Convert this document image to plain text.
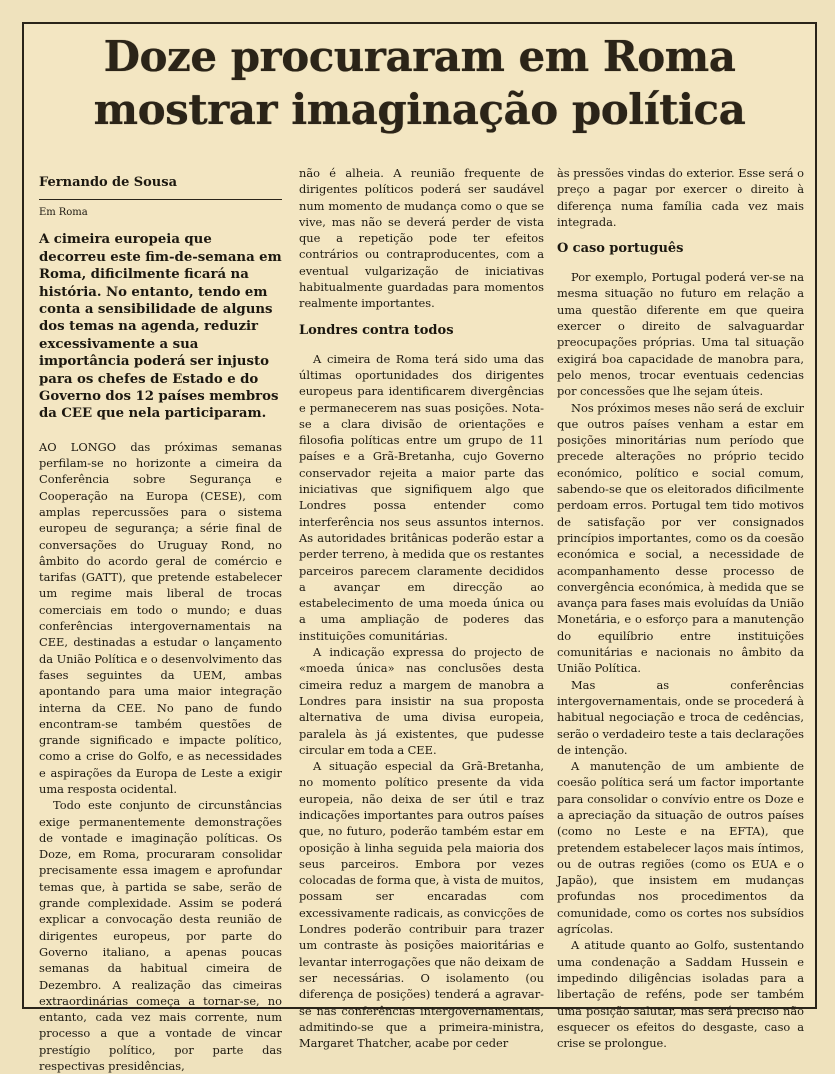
Doze procuraram em Roma mostrar imaginação política
Fernando de Sousa
Em Roma
A cimeira europeia que decorreu este fim-de-semana em Roma, dificilmente ficará na história. No entanto, tendo em conta a sensibilidade de alguns dos temas na agenda, reduzir excessivamente a sua importância poderá ser injusto para os chefes de Estado e do Governo dos 12 países membros da CEE que nela participaram.

AO LONGO das próximas semanas perfilam-se no horizonte a cimeira da Conferência sobre Segurança e Cooperação na Europa (CESE), com amplas repercussões para o sistema europeu de segurança; a série final de conversações do Uruguay Rond, no âmbito do acordo geral de comércio e tarifas (GATT), que pretende estabelecer um regime mais liberal de trocas comerciais em todo o mundo; e duas conferências intergovernamentais na CEE, destinadas a estudar o lançamento da União Política e o desenvolvimento das fases seguintes da UEM, ambas apontando para uma maior integração interna da CEE. No pano de fundo encontram-se também questões de grande significado e impacte político, como a crise do Golfo, e as necessidades e aspirações da Europa de Leste a exigir uma resposta ocidental.

Todo este conjunto de circunstâncias exige permanentemente demonstrações de vontade e imaginação políticas. Os Doze, em Roma, procuraram consolidar precisamente essa imagem e aprofundar temas que, à partida se sabe, serão de grande complexidade. Assim se poderá explicar a convocação desta reunião de dirigentes europeus, por parte do Governo italiano, a apenas poucas semanas da habitual cimeira de Dezembro. A realização das cimeiras extraordinárias começa a tornar-se, no entanto, cada vez mais corrente, num processo a que a vontade de vincar prestígio político, por parte das respectivas presidências,

não é alheia. A reunião frequente de dirigentes políticos poderá ser saudável num momento de mudança como o que se vive, mas não se deverá perder de vista que a repetição pode ter efeitos contrários ou contraproducentes, com a eventual vulgarização de iniciativas habitualmente guardadas para momentos realmente importantes.

Londres contra todos

A cimeira de Roma terá sido uma das últimas oportunidades dos dirigentes europeus para identificarem divergências e permanecerem nas suas posições. Nota-se a clara divisão de orientações e filosofia políticas entre um grupo de 11 países e a Grã-Bretanha, cujo Governo conservador rejeita a maior parte das iniciativas que signifiquem algo que Londres possa entender como interferência nos seus assuntos internos. As autoridades britânicas poderão estar a perder terreno, à medida que os restantes parceiros parecem claramente decididos a avançar em direcção ao estabelecimento de uma moeda única ou a uma ampliação de poderes das instituições comunitárias.

A indicação expressa do projecto de «moeda única» nas conclusões desta cimeira reduz a margem de manobra a Londres para insistir na sua proposta alternativa de uma divisa europeia, paralela às já existentes, que pudesse circular em toda a CEE.

A situação especial da Grã-Bretanha, no momento político presente da vida europeia, não deixa de ser útil e traz indicações importantes para outros países que, no futuro, poderão também estar em oposição à linha seguida pela maioria dos seus parceiros. Embora por vezes colocadas de forma que, à vista de muitos, possam ser encaradas com excessivamente radicais, as convicções de Londres poderão contribuir para trazer um contraste às posições maioritárias e levantar interrogações que não deixam de ser necessárias. O isolamento (ou diferença de posições) tenderá a agravar-se nas conferências intergovernamentais, admitindo-se que a primeira-ministra, Margaret Thatcher, acabe por ceder

às pressões vindas do exterior. Esse será o preço a pagar por exercer o direito à diferença numa família cada vez mais integrada.

O caso português

Por exemplo, Portugal poderá ver-se na mesma situação no futuro em relação a uma questão diferente em que queira exercer o direito de salvaguardar preocupações próprias. Uma tal situação exigirá boa capacidade de manobra para, pelo menos, trocar eventuais cedencias por concessões que lhe sejam úteis.

Nos próximos meses não será de excluir que outros países venham a estar em posições minoritárias num período que precede alterações no próprio tecido económico, político e social comum, sabendo-se que os eleitorados dificilmente perdoam erros. Portugal tem tido motivos de satisfação por ver consignados princípios importantes, como os da coesão económica e social, a necessidade de acompanhamento desse processo de convergência económica, à medida que se avança para fases mais evoluídas da União Monetária, e o esforço para a manutenção do equilíbrio entre instituições comunitárias e nacionais no âmbito da União Política.

Mas as conferências intergovernamentais, onde se procederá à habitual negociação e troca de cedências, serão o verdadeiro teste a tais declarações de intenção.

A manutenção de um ambiente de coesão política será um factor importante para consolidar o convívio entre os Doze e a apreciação da situação de outros países (como no Leste e na EFTA), que pretendem estabelecer laços mais íntimos, ou de outras regiões (como os EUA e o Japão), que insistem em mudanças profundas nos procedimentos da comunidade, como os cortes nos subsídios agrícolas.

A atitude quanto ao Golfo, sustentando uma condenação a Saddam Hussein e impedindo diligências isoladas para a libertação de reféns, pode ser também uma posição salutar, mas será preciso não esquecer os efeitos do desgaste, caso a crise se prolongue.
